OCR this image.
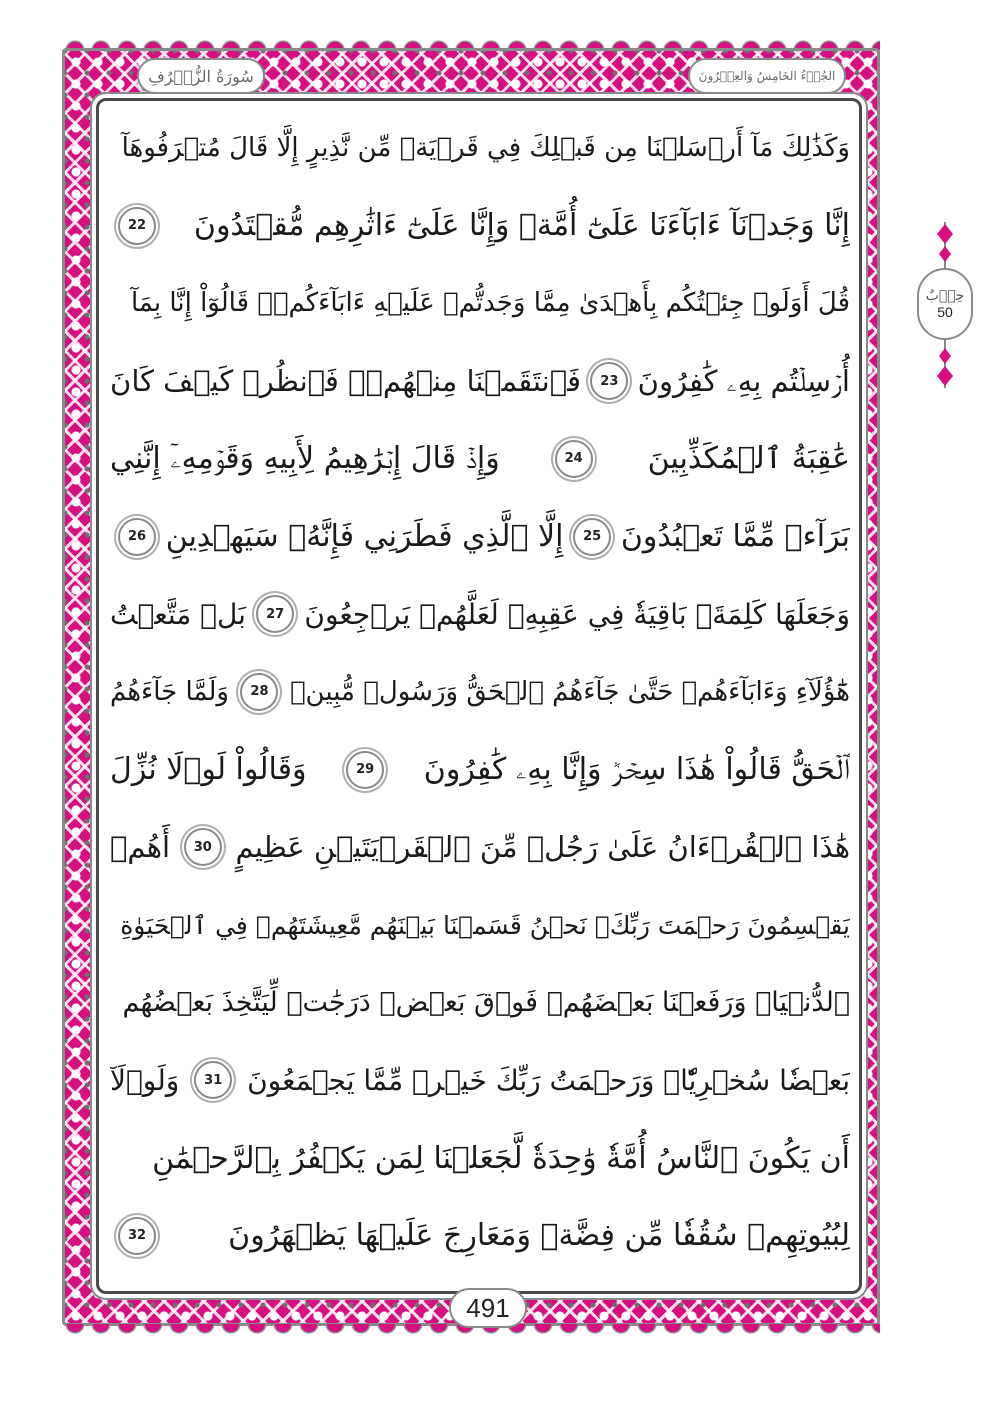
سُورَةُ الزُّخۡرُفِ	الجُزۡءُ الخَامِسُ وَالعِشۡرُونَ
وَكَذَٰلِكَ مَآ أَرۡسَلۡنَا مِن قَبۡلِكَ فِي قَرۡيَةٖ مِّن نَّذِيرٍ إِلَّا قَالَ مُتۡرَفُوهَآ
إِنَّا وَجَدۡنَآ ءَابَآءَنَا عَلَىٰٓ أُمَّةٖ وَإِنَّا عَلَىٰٓ ءَاثَٰرِهِم مُّقۡتَدُونَ
22
قُلَ أَوَلَوۡ جِئۡتُكُم بِأَهۡدَىٰ مِمَّا وَجَدتُّمۡ عَلَيۡهِ ءَابَآءَكُمۡۖ قَالُوٓاْ إِنَّا بِمَآ
أُرۡسِلۡتُم بِهِۦ كَٰفِرُونَ
23
فَٱنتَقَمۡنَا مِنۡهُمۡۖ فَٱنظُرۡ كَيۡفَ كَانَ
عَٰقِبَةُ ٱلۡمُكَذِّبِينَ
24
وَإِذۡ قَالَ إِبۡرَٰهِيمُ لِأَبِيهِ وَقَوۡمِهِۦٓ إِنَّنِي
بَرَآءٞ مِّمَّا تَعۡبُدُونَ
25
إِلَّا ٱلَّذِي فَطَرَنِي فَإِنَّهُۥ سَيَهۡدِينِ
26
وَجَعَلَهَا كَلِمَةَۢ بَاقِيَةٗ فِي عَقِبِهِۦ لَعَلَّهُمۡ يَرۡجِعُونَ
27
بَلۡ مَتَّعۡتُ
هَٰٓؤُلَآءِ وَءَابَآءَهُمۡ حَتَّىٰ جَآءَهُمُ ٱلۡحَقُّ وَرَسُولٞ مُّبِينٞ
28
وَلَمَّا جَآءَهُمُ
ٱلۡحَقُّ قَالُواْ هَٰذَا سِحۡرٞ وَإِنَّا بِهِۦ كَٰفِرُونَ
29
وَقَالُواْ لَوۡلَا نُزِّلَ
هَٰذَا ٱلۡقُرۡءَانُ عَلَىٰ رَجُلٖ مِّنَ ٱلۡقَرۡيَتَيۡنِ عَظِيمٍ
30
أَهُمۡ
يَقۡسِمُونَ رَحۡمَتَ رَبِّكَۚ نَحۡنُ قَسَمۡنَا بَيۡنَهُم مَّعِيشَتَهُمۡ فِي ٱلۡحَيَوٰةِ
ٱلدُّنۡيَاۚ وَرَفَعۡنَا بَعۡضَهُمۡ فَوۡقَ بَعۡضٖ دَرَجَٰتٖ لِّيَتَّخِذَ بَعۡضُهُم
بَعۡضٗا سُخۡرِيّٗاۗ وَرَحۡمَتُ رَبِّكَ خَيۡرٞ مِّمَّا يَجۡمَعُونَ
31
وَلَوۡلَآ
أَن يَكُونَ ٱلنَّاسُ أُمَّةٗ وَٰحِدَةٗ لَّجَعَلۡنَا لِمَن يَكۡفُرُ بِٱلرَّحۡمَٰنِ
لِبُيُوتِهِمۡ سُقُفٗا مِّن فِضَّةٖ وَمَعَارِجَ عَلَيۡهَا يَظۡهَرُونَ
32
حِزۡبٌ
50
491
